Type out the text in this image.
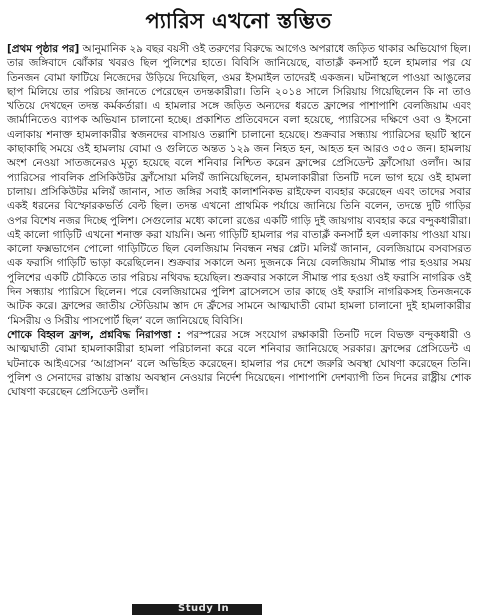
প্যারিস এখনো স্তম্ভিত

[প্রথম পৃষ্ঠার পর] আনুমানিক ২৯ বছর বয়সী ওই তরুণের বিরুদ্ধে আগেও অপরাধে জড়িত থাকার অভিযোগ ছিল। তার জঙ্গিবাদে ঝোঁকার খবরও ছিল পুলিশের হাতে। বিবিসি জানিয়েছে, বাতাক্লঁ কনসার্ট হলে হামলার পর যে তিনজন বোমা ফাটিয়ে নিজেদের উড়িয়ে দিয়েছিল, ওমর ইসমাইল তাদেরই একজন। ঘটনাস্থলে পাওয়া আঙুলের ছাপ মিলিয়ে তার পরিচয় জানতে পেরেছেন তদন্তকারীরা। তিনি ২০১৪ সালে সিরিয়ায় গিয়েছিলেন কি না তাও খতিয়ে দেখছেন তদন্ত কর্মকর্তারা। এ হামলার সঙ্গে জড়িত অন্যদের ধরতে ফ্রান্সের পাশাপাশি বেলজিয়াম এবং জার্মানিতেও ব্যাপক অভিযান চালানো হচ্ছে। প্রকাশিত প্রতিবেদনে বলা হয়েছে, প্যারিসের দক্ষিণে ওবা ও ইসনো এলাকায় শনাক্ত হামলাকারীর স্বজনদের বাসায়ও তল্লাশি চালানো হয়েছে। শুক্রবার সন্ধ্যায় প্যারিসের ছয়টি স্থানে কাছাকাছি সময়ে ওই হামলায় বোমা ও গুলিতে অন্তত ১২৯ জন নিহত হন, আহত হন আরও ৩৫০ জন। হামলায় অংশ নেওয়া সাতজনেরও মৃত্যু হয়েছে বলে শনিবার নিশ্চিত করেন ফ্রান্সের প্রেসিডেন্ট ফ্রাঁসোয়া ওলাঁদ। আর প্যারিসের পাবলিক প্রসিকিউটর ফ্রাঁসোয়া মলিয়ঁ জানিয়েছিলেন, হামলাকারীরা তিনটি দলে ভাগ হয়ে ওই হামলা চালায়। প্রসিকিউটর মলিয়ঁ জানান, সাত জঙ্গির সবাই কালাশনিকভ রাইফেল ব্যবহার করেছেন এবং তাদের সবার একই ধরনের বিস্ফোরকভর্তি বেল্ট ছিল। তদন্ত এখনো প্রাথমিক পর্যায়ে জানিয়ে তিনি বলেন, তদন্তে দুটি গাড়ির ওপর বিশেষ নজর দিচ্ছে পুলিশ। সেগুলোর মধ্যে কালো রঙের একটি গাড়ি দুই জায়গায় ব্যবহার করে বন্দুকধারীরা। এই কালো গাড়িটি এখনো শনাক্ত করা যায়নি। অন্য গাড়িটি হামলার পর বাতাক্লঁ কনসার্ট হল এলাকায় পাওয়া যায়। কালো ফক্সভাগেন পোলো গাড়িটিতে ছিল বেলজিয়াম নিবন্ধন নম্বর প্লেট। মলিয়ঁ জানান, বেলজিয়ামে বসবাসরত এক ফরাসি গাড়িটি ভাড়া করেছিলেন। শুক্রবার সকালে অন্য দুজনকে নিয়ে বেলজিয়াম সীমান্ত পার হওয়ার সময় পুলিশের একটি চৌকিতে তার পরিচয় নথিবদ্ধ হয়েছিল। শুক্রবার সকালে সীমান্ত পার হওয়া ওই ফরাসি নাগরিক ওই দিন সন্ধ্যায় প্যারিসে ছিলেন। পরে বেলজিয়ামের পুলিশ ব্রাসেলসে তার কাছে ওই ফরাসি নাগরিকসহ তিনজনকে আটক করে। ফ্রান্সের জাতীয় স্টেডিয়াম স্তাদ দে ফ্রঁসের সামনে আত্মঘাতী বোমা হামলা চালানো দুই হামলাকারীর ‘মিসরীয় ও সিরীয় পাসপোর্ট ছিল’ বলে জানিয়েছে বিবিসি।

শোকে বিহ্বল ফ্রান্স, প্রশ্নবিদ্ধ নিরাপত্তা : পরস্পরের সঙ্গে সংযোগ রক্ষাকারী তিনটি দলে বিভক্ত বন্দুকধারী ও আত্মঘাতী বোমা হামলাকারীরা হামলা পরিচালনা করে বলে শনিবার জানিয়েছে সরকার। ফ্রান্সের প্রেসিডেন্ট এ ঘটনাকে আইএসের ‘আগ্রাসন’ বলে অভিহিত করেছেন। হামলার পর দেশে জরুরি অবস্থা ঘোষণা করেছেন তিনি। পুলিশ ও সেনাদের রাস্তায় রাস্তায় অবস্থান নেওয়ার নির্দেশ দিয়েছেন। পাশাপাশি দেশব্যাপী তিন দিনের রাষ্ট্রীয় শোক ঘোষণা করেছেন প্রেসিডেন্ট ওলাঁদ।

Study In
